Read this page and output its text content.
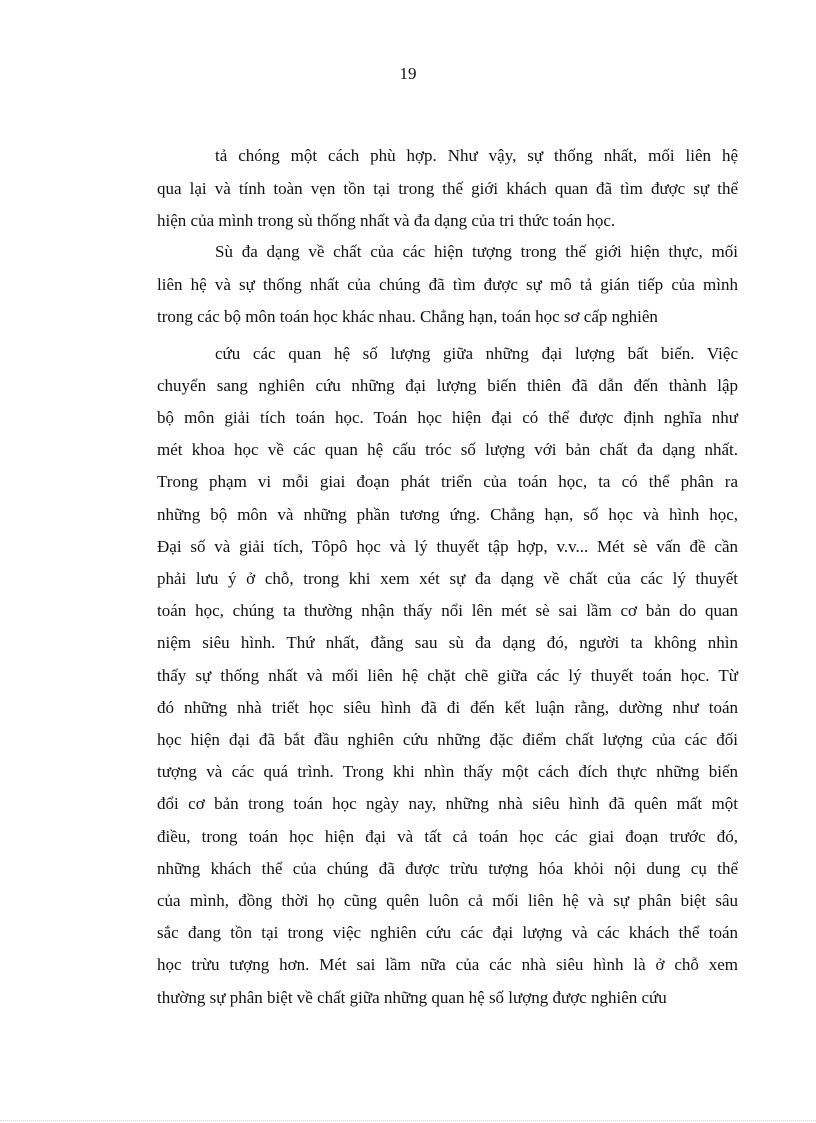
19
tả chóng một cách phù hợp. Như vậy, sự thống nhất, mối liên hệ
qua lại và tính toàn vẹn tồn tại trong thế giới khách quan đã tìm được sự thể
hiện của mình trong sù thống nhất và đa dạng của tri thức toán học.
Sù đa dạng về chất của các hiện tượng trong thế giới hiện thực, mối
liên hệ và sự thống nhất của chúng đã tìm được sự mô tả gián tiếp của mình
trong các bộ môn toán học khác nhau. Chẳng hạn, toán học sơ cấp nghiên
cứu các quan hệ số lượng giữa những đại lượng bất biến. Việc
chuyển sang nghiên cứu những đại lượng biến thiên đã dẫn đến thành lập
bộ môn giải tích toán học. Toán học hiện đại có thể được định nghĩa như
mét khoa học về các quan hệ cấu tróc số lượng với bản chất đa dạng nhất.
Trong phạm vi mỗi giai đoạn phát triển của toán học, ta có thể phân ra
những bộ môn và những phần tương ứng. Chẳng hạn, số học và hình học,
Đại số và giải tích, Tôpô học và lý thuyết tập hợp, v.v... Mét sè vấn đề cần
phải lưu ý ở chỗ, trong khi xem xét sự đa dạng về chất của các lý thuyết
toán học, chúng ta thường nhận thấy nổi lên mét sè sai lầm cơ bản do quan
niệm siêu hình. Thứ nhất, đằng sau sù đa dạng đó, người ta không nhìn
thấy sự thống nhất và mối liên hệ chặt chẽ giữa các lý thuyết toán học. Từ
đó những nhà triết học siêu hình đã đi đến kết luận rằng, dường như toán
học hiện đại đã bắt đầu nghiên cứu những đặc điểm chất lượng của các đối
tượng và các quá trình. Trong khi nhìn thấy một cách đích thực những biến
đổi cơ bản trong toán học ngày nay, những nhà siêu hình đã quên mất một
điều, trong toán học hiện đại và tất cả toán học các giai đoạn trước đó,
những khách thể của chúng đã được trừu tượng hóa khỏi nội dung cụ thể
của mình, đồng thời họ cũng quên luôn cả mối liên hệ và sự phân biệt sâu
sắc đang tồn tại trong việc nghiên cứu các đại lượng và các khách thể toán
học trừu tượng hơn. Mét sai lầm nữa của các nhà siêu hình là ở chỗ xem
thường sự phân biệt về chất giữa những quan hệ số lượng được nghiên cứu
